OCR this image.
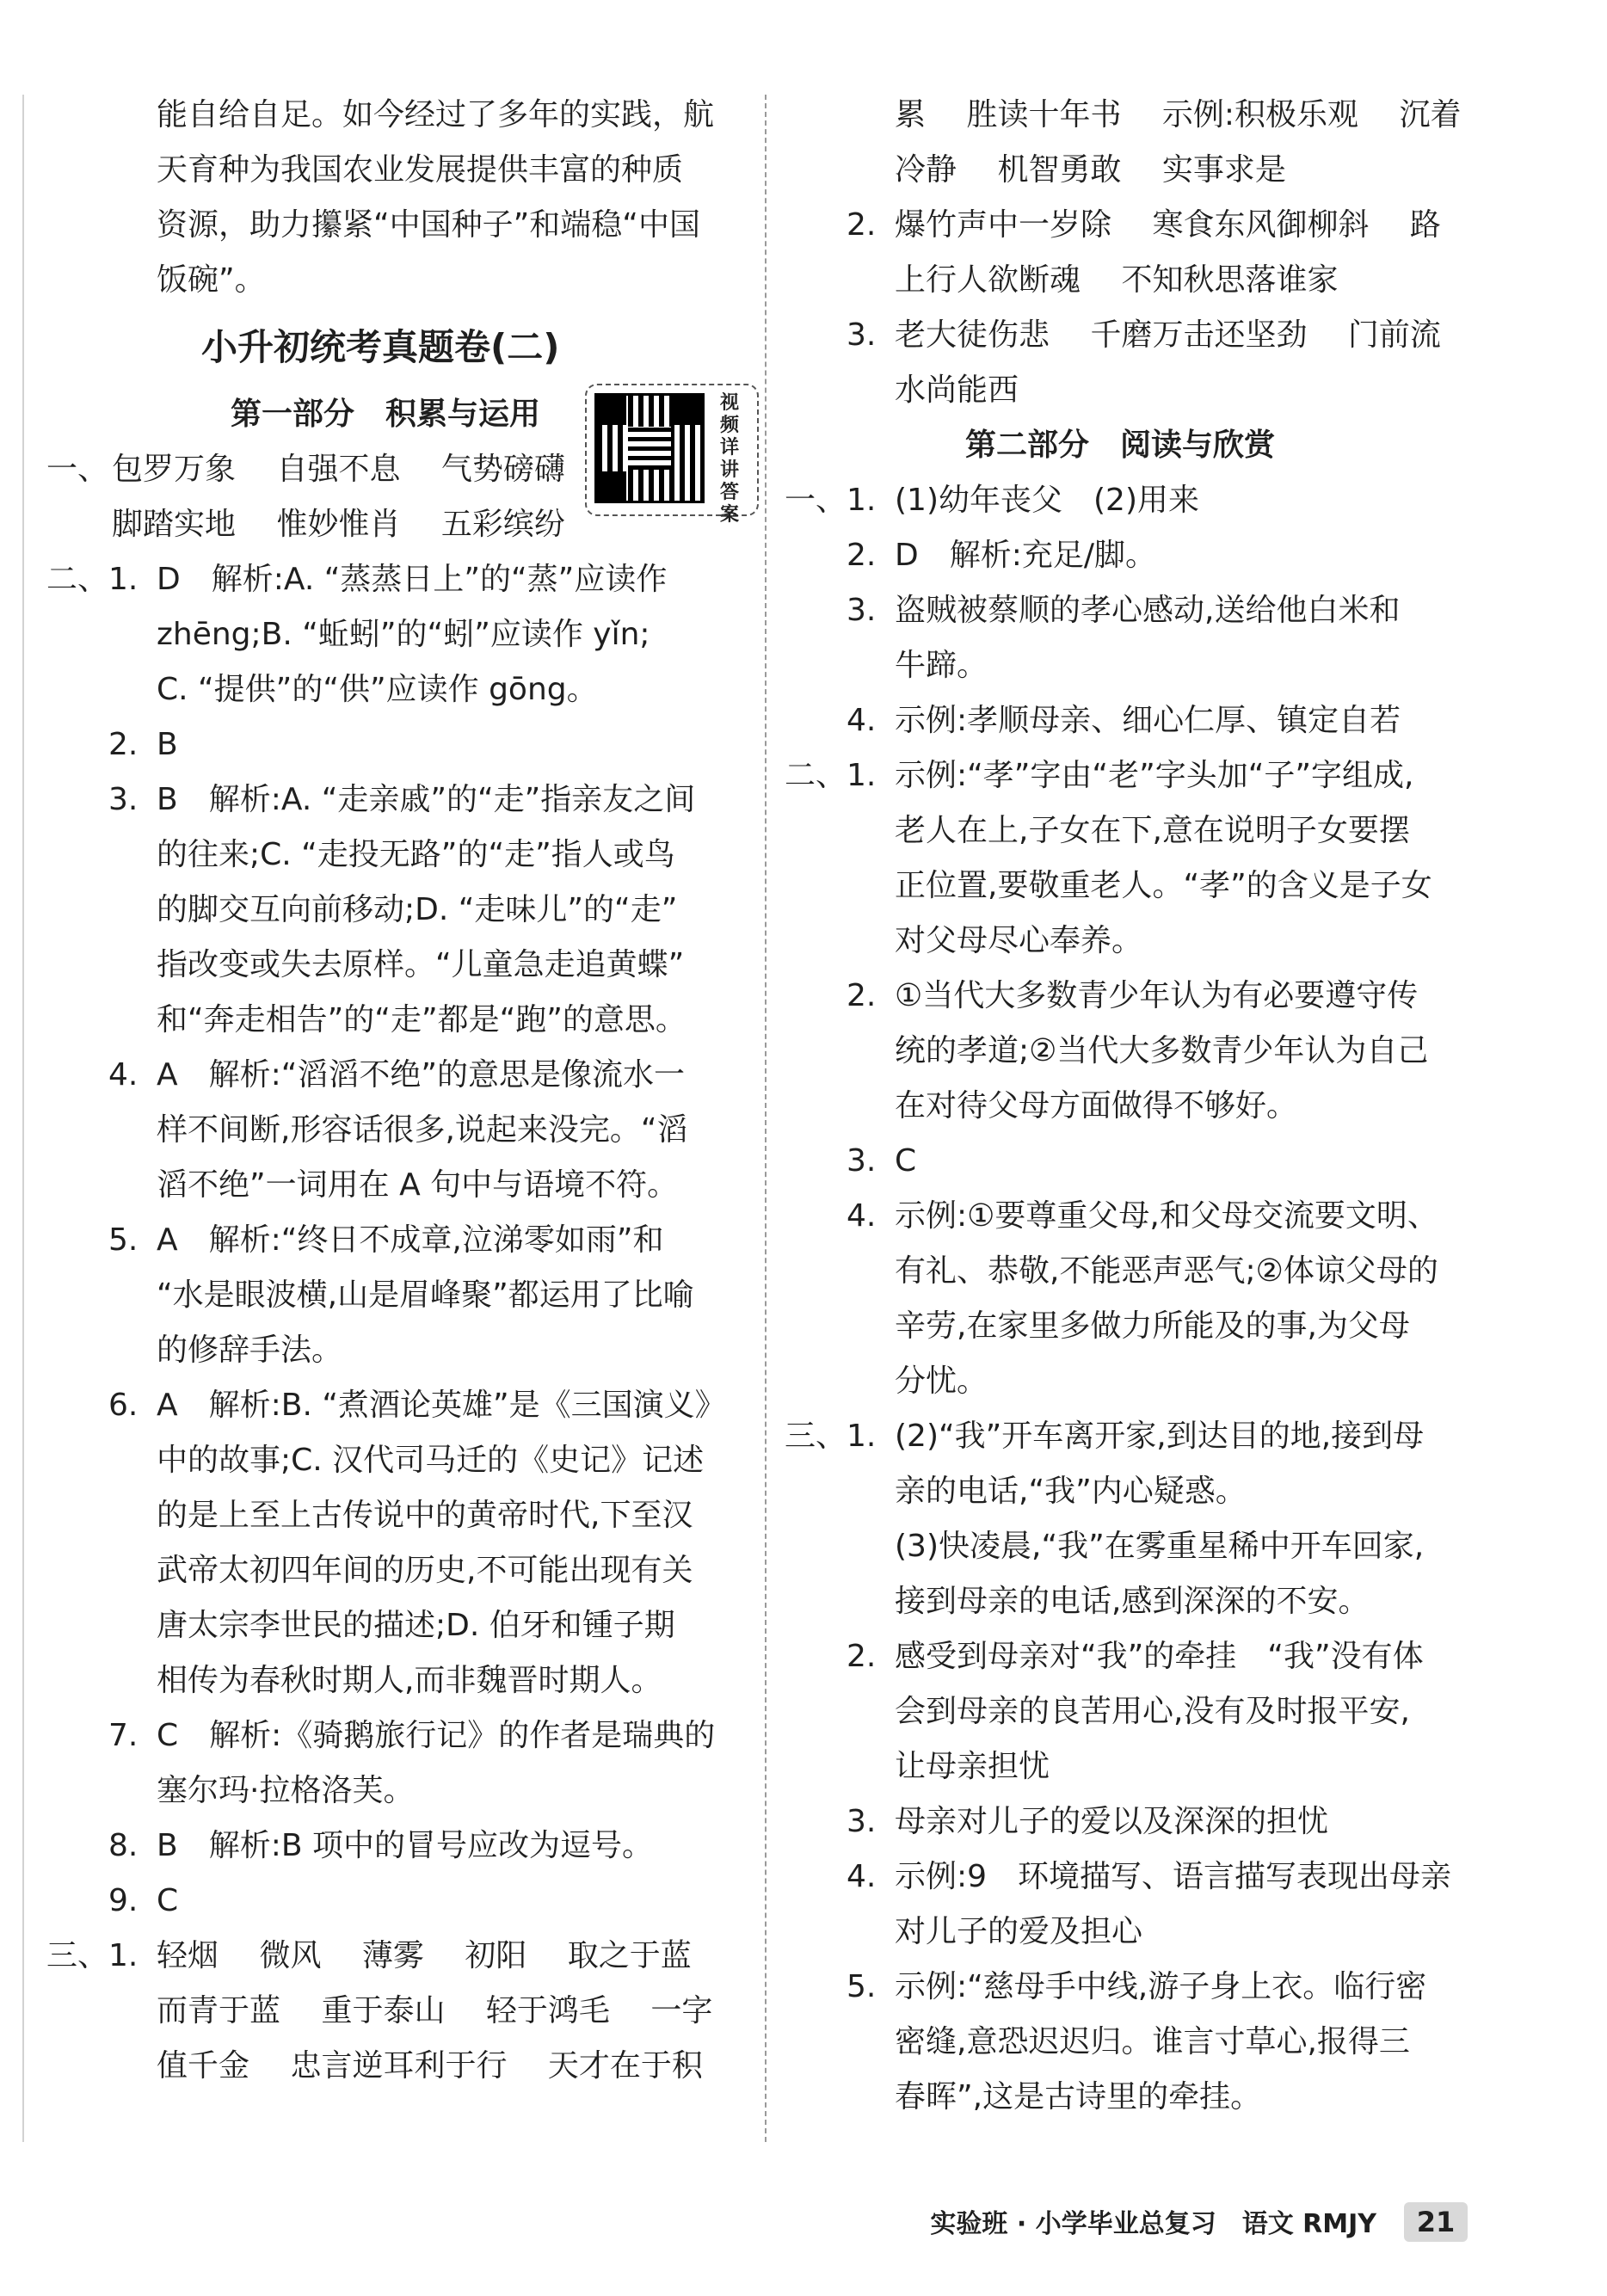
能自给自足。如今经过了多年的实践，航
天育种为我国农业发展提供丰富的种质
资源，助力攥紧“中国种子”和端稳“中国
饭碗”。
小升初统考真题卷(二)
第一部分　积累与运用
一、 包罗万象　 自强不息　 气势磅礴
脚踏实地　 惟妙惟肖　 五彩缤纷
二、1. D　解析:A. “蒸蒸日上”的“蒸”应读作
zhēng;B. “蚯蚓”的“蚓”应读作 yǐn;
C. “提供”的“供”应读作 gōng。
2. B
3. B　解析:A. “走亲戚”的“走”指亲友之间
的往来;C. “走投无路”的“走”指人或鸟
的脚交互向前移动;D. “走味儿”的“走”
指改变或失去原样。“儿童急走追黄蝶”
和“奔走相告”的“走”都是“跑”的意思。
4. A　解析:“滔滔不绝”的意思是像流水一
样不间断,形容话很多,说起来没完。“滔
滔不绝”一词用在 A 句中与语境不符。
5. A　解析:“终日不成章,泣涕零如雨”和
“水是眼波横,山是眉峰聚”都运用了比喻
的修辞手法。
6. A　解析:B. “煮酒论英雄”是《三国演义》
中的故事;C. 汉代司马迁的《史记》记述
的是上至上古传说中的黄帝时代,下至汉
武帝太初四年间的历史,不可能出现有关
唐太宗李世民的描述;D. 伯牙和锺子期
相传为春秋时期人,而非魏晋时期人。
7. C　解析:《骑鹅旅行记》的作者是瑞典的
塞尔玛·拉格洛芙。
8. B　解析:B 项中的冒号应改为逗号。
9. C
三、1. 轻烟　 微风　 薄雾　 初阳　 取之于蓝
而青于蓝　 重于泰山　 轻于鸿毛　 一字
值千金　 忠言逆耳利于行　 天才在于积
视频详讲答案
累　 胜读十年书　 示例:积极乐观　 沉着
冷静　 机智勇敢　 实事求是
2. 爆竹声中一岁除　 寒食东风御柳斜　 路
上行人欲断魂　 不知秋思落谁家
3. 老大徒伤悲　 千磨万击还坚劲　 门前流
水尚能西
第二部分　阅读与欣赏
一、1. (1)幼年丧父　(2)用来
2. D　解析:充足/脚。
3. 盗贼被蔡顺的孝心感动,送给他白米和
牛蹄。
4. 示例:孝顺母亲、细心仁厚、镇定自若
二、1. 示例:“孝”字由“老”字头加“子”字组成,
老人在上,子女在下,意在说明子女要摆
正位置,要敬重老人。“孝”的含义是子女
对父母尽心奉养。
2. ①当代大多数青少年认为有必要遵守传
统的孝道;②当代大多数青少年认为自己
在对待父母方面做得不够好。
3. C
4. 示例:①要尊重父母,和父母交流要文明、
有礼、恭敬,不能恶声恶气;②体谅父母的
辛劳,在家里多做力所能及的事,为父母
分忧。
三、1. (2)“我”开车离开家,到达目的地,接到母
亲的电话,“我”内心疑惑。
(3)快凌晨,“我”在雾重星稀中开车回家,
接到母亲的电话,感到深深的不安。
2. 感受到母亲对“我”的牵挂　“我”没有体
会到母亲的良苦用心,没有及时报平安,
让母亲担忧
3. 母亲对儿子的爱以及深深的担忧
4. 示例:9　环境描写、语言描写表现出母亲
对儿子的爱及担心
5. 示例:“慈母手中线,游子身上衣。临行密
密缝,意恐迟迟归。谁言寸草心,报得三
春晖”,这是古诗里的牵挂。
实验班 · 小学毕业总复习　语文 RMJY	21
